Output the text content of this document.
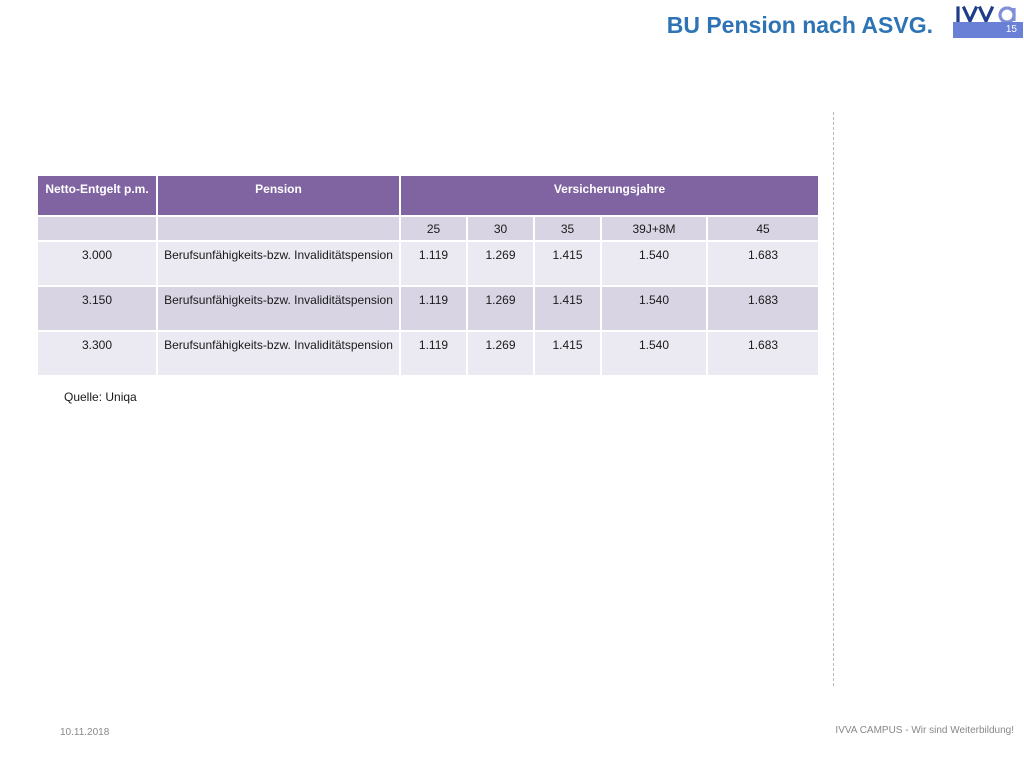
BU Pension nach ASVG.	15
Netto-Entgelt p.m.	Pension	Versicherungsjahre				
		25	30	35	39J+8M	45
3.000	Berufsunfähigkeits-bzw. Invaliditätspension	1.119	1.269	1.415	1.540	1.683
3.150	Berufsunfähigkeits-bzw. Invaliditätspension	1.119	1.269	1.415	1.540	1.683
3.300	Berufsunfähigkeits-bzw. Invaliditätspension	1.119	1.269	1.415	1.540	1.683
Quelle: Uniqa
10.11.2018	IVVA CAMPUS - Wir sind Weiterbildung!
